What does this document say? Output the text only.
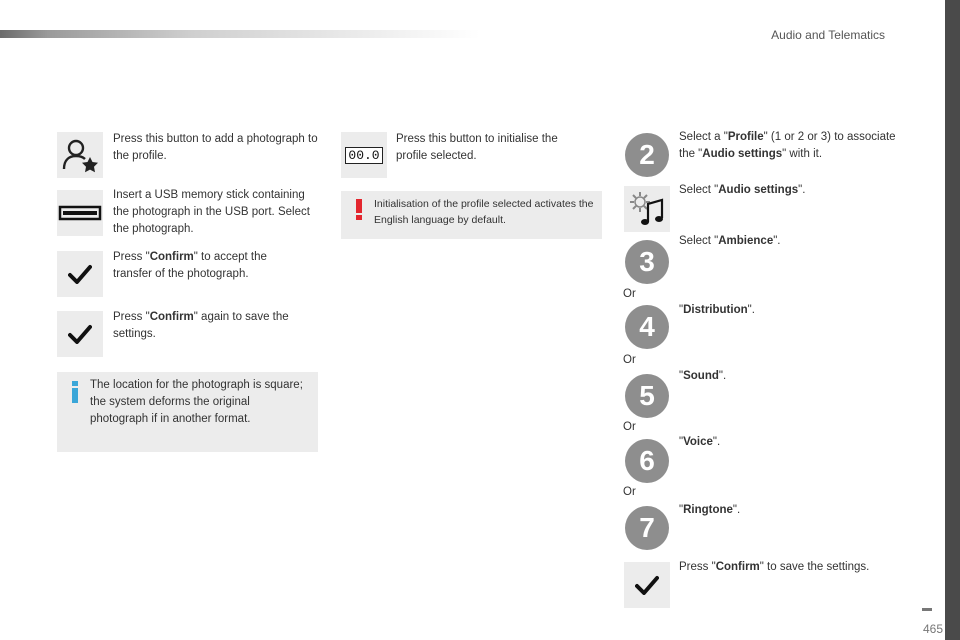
Audio and Telematics
▬
465
Press this button to add a photograph to the profile.
Insert a USB memory stick containing the photograph in the USB port. Select the photograph.
Press "Confirm" to accept the transfer of the photograph.
Press "Confirm" again to save the settings.
The location for the photograph is square; the system deforms the original photograph if in another format.
00.0
Press this button to initialise the profile selected.
Initialisation of the profile selected activates the English language by default.
2
Select a "Profile" (1 or 2 or 3) to associate the "Audio settings" with it.
Select "Audio settings".
3
Select "Ambience".
Or
4
"Distribution".
Or
5
"Sound".
Or
6
"Voice".
Or
7
"Ringtone".
Press "Confirm" to save the settings.
